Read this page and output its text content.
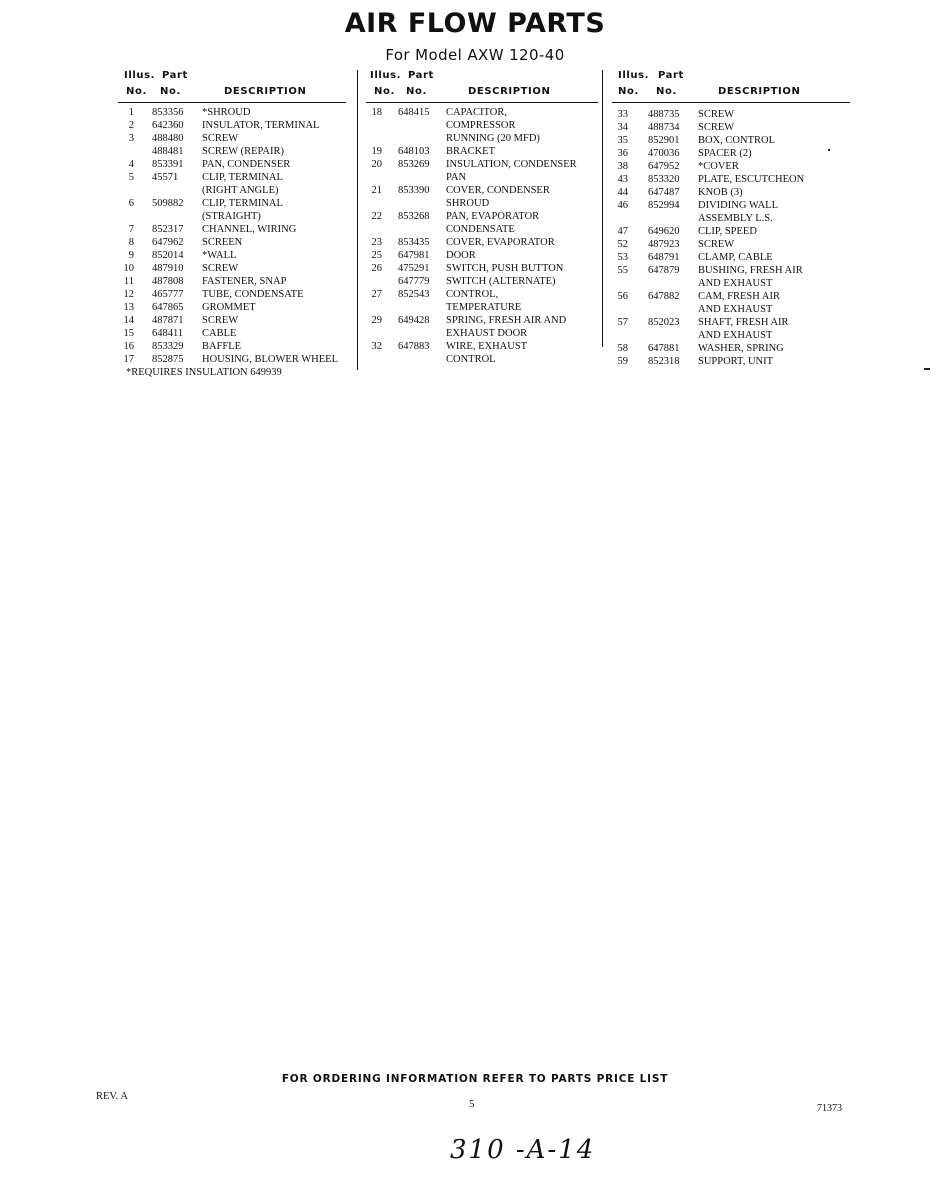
AIR FLOW PARTS
For Model AXW 120-40
Illus. Part
No. No.	DESCRIPTION
1 853356 *SHROUD
2 642360 INSULATOR, TERMINAL
3 488480 SCREW
488481 SCREW (REPAIR)
4 853391 PAN, CONDENSER
5 45571 CLIP, TERMINAL
(RIGHT ANGLE)
6 509882 CLIP, TERMINAL
(STRAIGHT)
7 852317 CHANNEL, WIRING
8 647962 SCREEN
9 852014 *WALL
10 487910 SCREW
11 487808 FASTENER, SNAP
12 465777 TUBE, CONDENSATE
13 647865 GROMMET
14 487871 SCREW
15 648411 CABLE
16 853329 BAFFLE
17 852875 HOUSING, BLOWER WHEEL
*REQUIRES INSULATION 649939
Illus. Part
No. No.	DESCRIPTION
18 648415 CAPACITOR,
COMPRESSOR
RUNNING (20 MFD)
19 648103 BRACKET
20 853269 INSULATION, CONDENSER
PAN
21 853390 COVER, CONDENSER
SHROUD
22 853268 PAN, EVAPORATOR
CONDENSATE
23 853435 COVER, EVAPORATOR
25 647981 DOOR
26 475291 SWITCH, PUSH BUTTON
647779 SWITCH (ALTERNATE)
27 852543 CONTROL,
TEMPERATURE
29 649428 SPRING, FRESH AIR AND
EXHAUST DOOR
32 647883 WIRE, EXHAUST
CONTROL
Illus. Part
No. No.	DESCRIPTION
33 488735 SCREW
34 488734 SCREW
35 852901 BOX, CONTROL
36 470036 SPACER (2)
38 647952 *COVER
43 853320 PLATE, ESCUTCHEON
44 647487 KNOB (3)
46 852994 DIVIDING WALL
ASSEMBLY L.S.
47 649620 CLIP, SPEED
52 487923 SCREW
53 648791 CLAMP, CABLE
55 647879 BUSHING, FRESH AIR
AND EXHAUST
56 647882 CAM, FRESH AIR
AND EXHAUST
57 852023 SHAFT, FRESH AIR
AND EXHAUST
58 647881 WASHER, SPRING
59 852318 SUPPORT, UNIT
FOR ORDERING INFORMATION REFER TO PARTS PRICE LIST
REV. A
5	71373
310 -A-14
